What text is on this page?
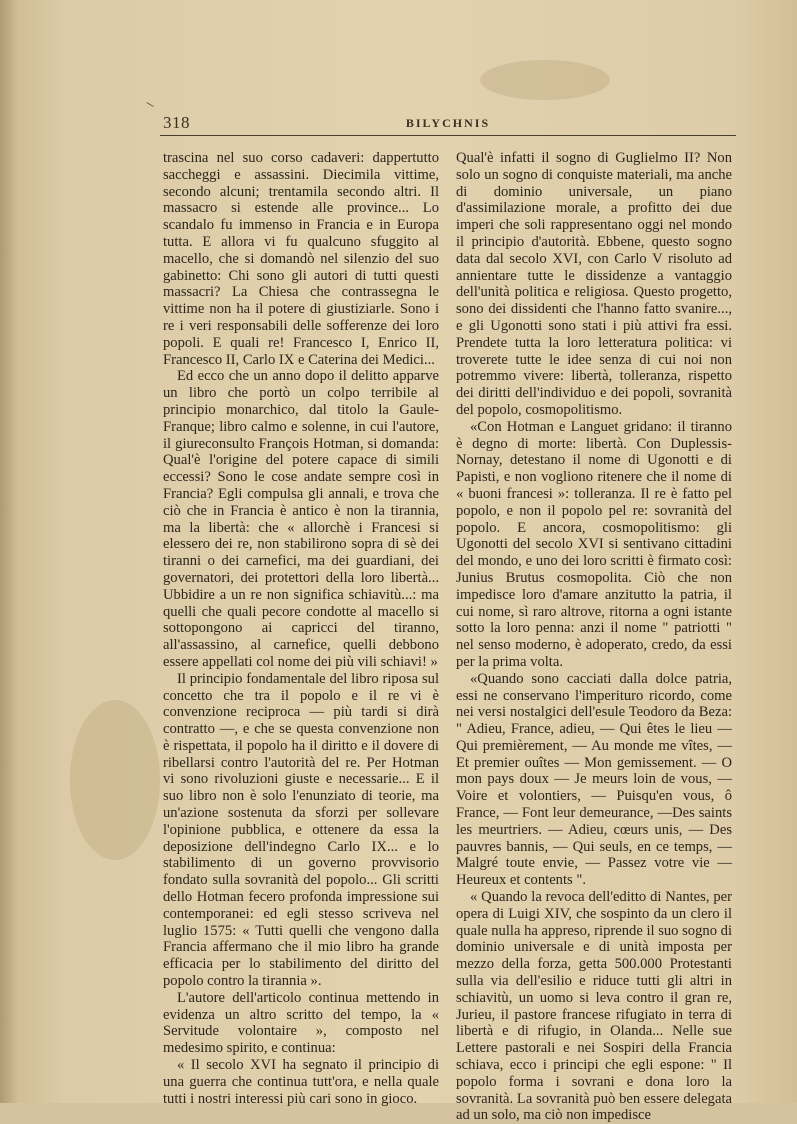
318	BILYCHNIS

trascina nel suo corso cadaveri: dappertutto saccheggi e assassini. Diecimila vittime, secondo alcuni; trentamila secondo altri. Il massacro si estende alle province... Lo scandalo fu immenso in Francia e in Europa tutta. E allora vi fu qualcuno sfuggito al macello, che si domandò nel silenzio del suo gabinetto: Chi sono gli autori di tutti questi massacri? La Chiesa che contrassegna le vittime non ha il potere di giustiziarle. Sono i re i veri responsabili delle sofferenze dei loro popoli. E quali re! Francesco I, Enrico II, Francesco II, Carlo IX e Caterina dei Medici...

Ed ecco che un anno dopo il delitto apparve un libro che portò un colpo terribile al principio monarchico, dal titolo la Gaule-Franque; libro calmo e solenne, in cui l'autore, il giureconsulto François Hotman, si domanda: Qual'è l'origine del potere capace di simili eccessi? Sono le cose andate sempre così in Francia? Egli compulsa gli annali, e trova che ciò che in Francia è antico è non la tirannia, ma la libertà: che « allorchè i Francesi si elessero dei re, non stabilirono sopra di sè dei tiranni o dei carnefici, ma dei guardiani, dei governatori, dei protettori della loro libertà... Ubbidire a un re non significa schiavitù...: ma quelli che quali pecore condotte al macello si sottopongono ai capricci del tiranno, all'assassino, al carnefice, quelli debbono essere appellati col nome dei più vili schiavi! »

Il principio fondamentale del libro riposa sul concetto che tra il popolo e il re vi è convenzione reciproca — più tardi si dirà contratto —, e che se questa convenzione non è rispettata, il popolo ha il diritto e il dovere di ribellarsi contro l'autorità del re. Per Hotman vi sono rivoluzioni giuste e necessarie... E il suo libro non è solo l'enunziato di teorie, ma un'azione sostenuta da sforzi per sollevare l'opinione pubblica, e ottenere da essa la deposizione dell'indegno Carlo IX... e lo stabilimento di un governo provvisorio fondato sulla sovranità del popolo... Gli scritti dello Hotman fecero profonda impressione sui contemporanei: ed egli stesso scriveva nel luglio 1575: « Tutti quelli che vengono dalla Francia affermano che il mio libro ha grande efficacia per lo stabilimento del diritto del popolo contro la tirannia ».

L'autore dell'articolo continua mettendo in evidenza un altro scritto del tempo, la « Servitude volontaire », composto nel medesimo spirito, e continua:

« Il secolo XVI ha segnato il principio di una guerra che continua tutt'ora, e nella quale tutti i nostri interessi più cari sono in gioco.

Qual'è infatti il sogno di Guglielmo II? Non solo un sogno di conquiste materiali, ma anche di dominio universale, un piano d'assimilazione morale, a profitto dei due imperi che soli rappresentano oggi nel mondo il principio d'autorità. Ebbene, questo sogno data dal secolo XVI, con Carlo V risoluto ad annientare tutte le dissidenze a vantaggio dell'unità politica e religiosa. Questo progetto, sono dei dissidenti che l'hanno fatto svanire..., e gli Ugonotti sono stati i più attivi fra essi. Prendete tutta la loro letteratura politica: vi troverete tutte le idee senza di cui noi non potremmo vivere: libertà, tolleranza, rispetto dei diritti dell'individuo e dei popoli, sovranità del popolo, cosmopolitismo.

«Con Hotman e Languet gridano: il tiranno è degno di morte: libertà. Con Duplessis-Nornay, detestano il nome di Ugonotti e di Papisti, e non vogliono ritenere che il nome di « buoni francesi »: tolleranza. Il re è fatto pel popolo, e non il popolo pel re: sovranità del popolo. E ancora, cosmopolitismo: gli Ugonotti del secolo XVI si sentivano cittadini del mondo, e uno dei loro scritti è firmato così: Junius Brutus cosmopolita. Ciò che non impedisce loro d'amare anzitutto la patria, il cui nome, sì raro altrove, ritorna a ogni istante sotto la loro penna: anzi il nome " patriotti " nel senso moderno, è adoperato, credo, da essi per la prima volta.

«Quando sono cacciati dalla dolce patria, essi ne conservano l'imperituro ricordo, come nei versi nostalgici dell'esule Teodoro da Beza: " Adieu, France, adieu, — Qui êtes le lieu — Qui premièrement, — Au monde me vîtes, — Et premier ouîtes — Mon gemissement. — O mon pays doux — Je meurs loin de vous, — Voire et volontiers, — Puisqu'en vous, ô France, — Font leur demeurance, —Des saints les meurtriers. — Adieu, cœurs unis, — Des pauvres bannis, — Qui seuls, en ce temps, — Malgré toute envie, — Passez votre vie — Heureux et contents ".

« Quando la revoca dell'editto di Nantes, per opera di Luigi XIV, che sospinto da un clero il quale nulla ha appreso, riprende il suo sogno di dominio universale e di unità imposta per mezzo della forza, getta 500.000 Protestanti sulla via dell'esilio e riduce tutti gli altri in schiavitù, un uomo si leva contro il gran re, Jurieu, il pastore francese rifugiato in terra di libertà e di rifugio, in Olanda... Nelle sue Lettere pastorali e nei Sospiri della Francia schiava, ecco i principi che egli espone: " Il popolo forma i sovrani e dona loro la sovranità. La sovranità può ben essere delegata ad un solo, ma ciò non impedisce
